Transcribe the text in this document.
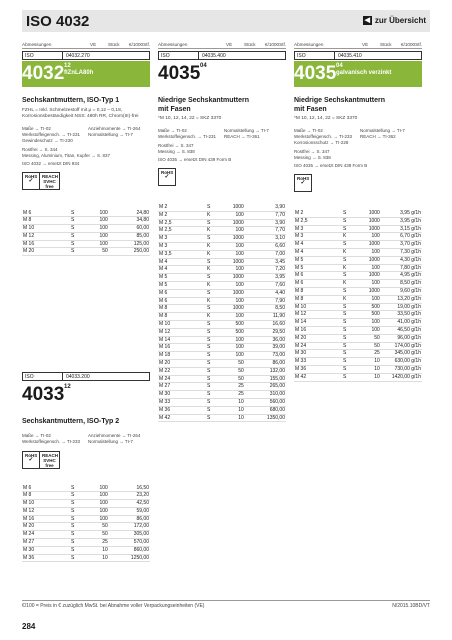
ISO 4032	◀ zur Übersicht
Abmessungen	VE	Stück	€/1000Stf.
ISO	04032.270
4032 12
flZnLA80h
Sechskantmuttern, ISO-Typ 1
FZHL = Inkl. Schmelzestoff mit μ = 0,12 – 0,18, Korrosionsbeständigkeit NSS: 480h RR, Chrom(III)-frei
Maße → TI-02	Anziehmomente → TI-264
Werkstoffeigensch. → TI-231	Normalstellung → TI-7
Gewindeschutz → TI-230
Rostfrei → S. 344
Messing, Aluminium, Titan, Kupfer → S. 837
ISO 4032 → ersetzt DIN 934
RoHS
✓
REACH
SVHC
free
M 6	S	100	24,80
M 8	S	100	34,80
M 10	S	100	60,00
M 12	S	100	85,00
M 16	S	100	125,00
M 20	S	50	250,00
ISO	04033.200
4033 12
Sechskantmuttern, ISO-Typ 2
Maße → TI-02	Anziehmomente → TI-264
Werkstoffeigensch. → TI-233	Normalstellung → TI-7
RoHS
✓
REACH
SVHC
free
M 6	S	100	16,50
M 8	S	100	23,20
M 10	S	100	42,50
M 12	S	100	59,00
M 16	S	100	86,00
M 20	S	50	172,00
M 24	S	50	305,00
M 27	S	25	570,00
M 30	S	10	860,00
M 36	S	10	1250,00
Abmessungen	VE	Stück	€/1000Stf.
ISO	04035.400
4035 04
Niedrige Sechskantmuttern
mit Fasen
*M 10, 12, 14, 22 = SKZ 3370
Maße → TI-02	Normalstellung → TI-7
Werkstoffeigensch. → TI-231	REACH → TI-361
Rostfrei → S. 347
Messing → S. 838
ISO 4035 → ersetzt DIN 439 Form B
RoHS
✓
M 2	S	1000	3,90
M 2	K	100	7,70
M 2,5	S	1000	3,90
M 2,5	K	100	7,70
M 3	S	1000	3,10
M 3	K	100	6,60
M 3,5	K	100	7,00
M 4	S	1000	3,45
M 4	K	100	7,20
M 5	S	1000	3,95
M 5	K	100	7,60
M 6	S	1000	4,40
M 6	K	100	7,90
M 8	S	1000	8,50
M 8	K	100	11,90
M 10	S	500	16,60
M 12	S	500	29,50
M 14	S	100	36,00
M 16	S	100	39,00
M 18	S	100	73,00
M 20	S	50	86,00
M 22	S	50	132,00
M 24	S	50	155,00
M 27	S	25	265,00
M 30	S	25	310,00
M 33	S	10	560,00
M 36	S	10	680,00
M 42	S	10	1350,00
Abmessungen	VE	Stück	€/1000Stf.
ISO	04035.410
4035 04
galvanisch verzinkt
Niedrige Sechskantmuttern
mit Fasen
*M 10, 12, 14, 22 = SKZ 3370
Maße → TI-02	Normalstellung → TI-7
Werkstoffeigensch. → TI-233	REACH → TI-362
Korrosionsschutz → TI-228
Rostfrei → S. 347
Messing → S. 838
ISO 4035 → ersetzt DIN 439 Form B
RoHS
✓
M 2	S	1000	3,95 g/1h
M 2,5	S	1000	3,95 g/1h
M 3	S	1000	3,15 g/1h
M 3	K	100	6,70 g/1h
M 4	S	1000	3,70 g/1h
M 4	K	100	7,30 g/1h
M 5	S	1000	4,30 g/1h
M 5	K	100	7,80 g/1h
M 6	S	1000	4,95 g/1h
M 6	K	100	8,50 g/1h
M 8	S	1000	9,60 g/1h
M 8	K	100	13,20 g/1h
M 10	S	500	19,00 g/1h
M 12	S	500	33,50 g/1h
M 14	S	100	41,00 g/1h
M 16	S	100	46,50 g/1h
M 20	S	50	96,00 g/1h
M 24	S	50	174,00 g/1h
M 30	S	25	345,00 g/1h
M 33	S	10	630,00 g/1h
M 36	S	10	730,00 g/1h
M 42	S	10	1420,00 g/1h
€/100 = Preis in € zuzüglich MwSt. bei Abnahme voller Verpackungseinheiten (VE)	N/2015.10BD/VT
284
